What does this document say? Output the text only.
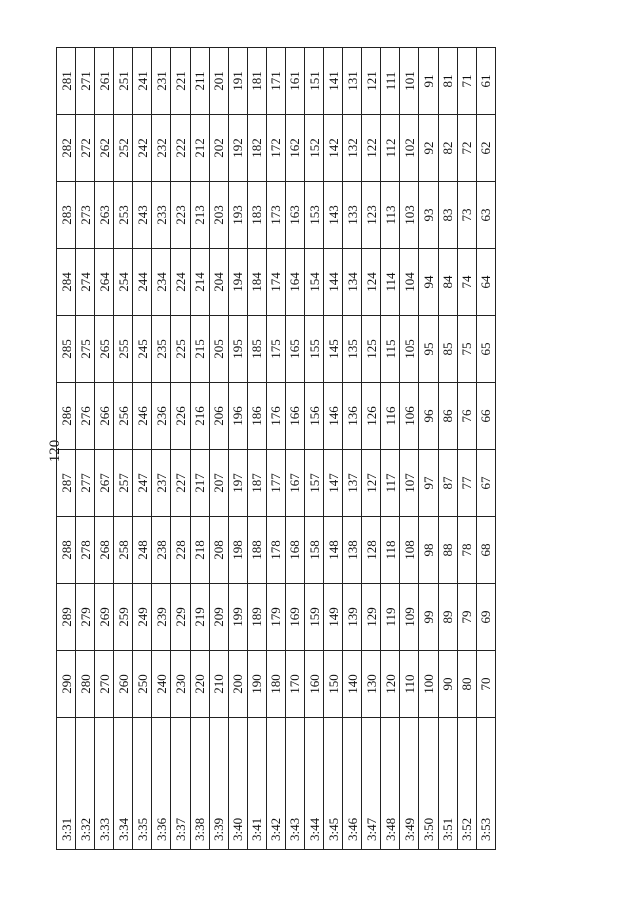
120
3:31	290	289	288	287	286	285	284	283	282	281
3:32	280	279	278	277	276	275	274	273	272	271
3:33	270	269	268	267	266	265	264	263	262	261
3:34	260	259	258	257	256	255	254	253	252	251
3:35	250	249	248	247	246	245	244	243	242	241
3:36	240	239	238	237	236	235	234	233	232	231
3:37	230	229	228	227	226	225	224	223	222	221
3:38	220	219	218	217	216	215	214	213	212	211
3:39	210	209	208	207	206	205	204	203	202	201
3:40	200	199	198	197	196	195	194	193	192	191
3:41	190	189	188	187	186	185	184	183	182	181
3:42	180	179	178	177	176	175	174	173	172	171
3:43	170	169	168	167	166	165	164	163	162	161
3:44	160	159	158	157	156	155	154	153	152	151
3:45	150	149	148	147	146	145	144	143	142	141
3:46	140	139	138	137	136	135	134	133	132	131
3:47	130	129	128	127	126	125	124	123	122	121
3:48	120	119	118	117	116	115	114	113	112	111
3:49	110	109	108	107	106	105	104	103	102	101
3:50	100	99	98	97	96	95	94	93	92	91
3:51	90	89	88	87	86	85	84	83	82	81
3:52	80	79	78	77	76	75	74	73	72	71
3:53	70	69	68	67	66	65	64	63	62	61
